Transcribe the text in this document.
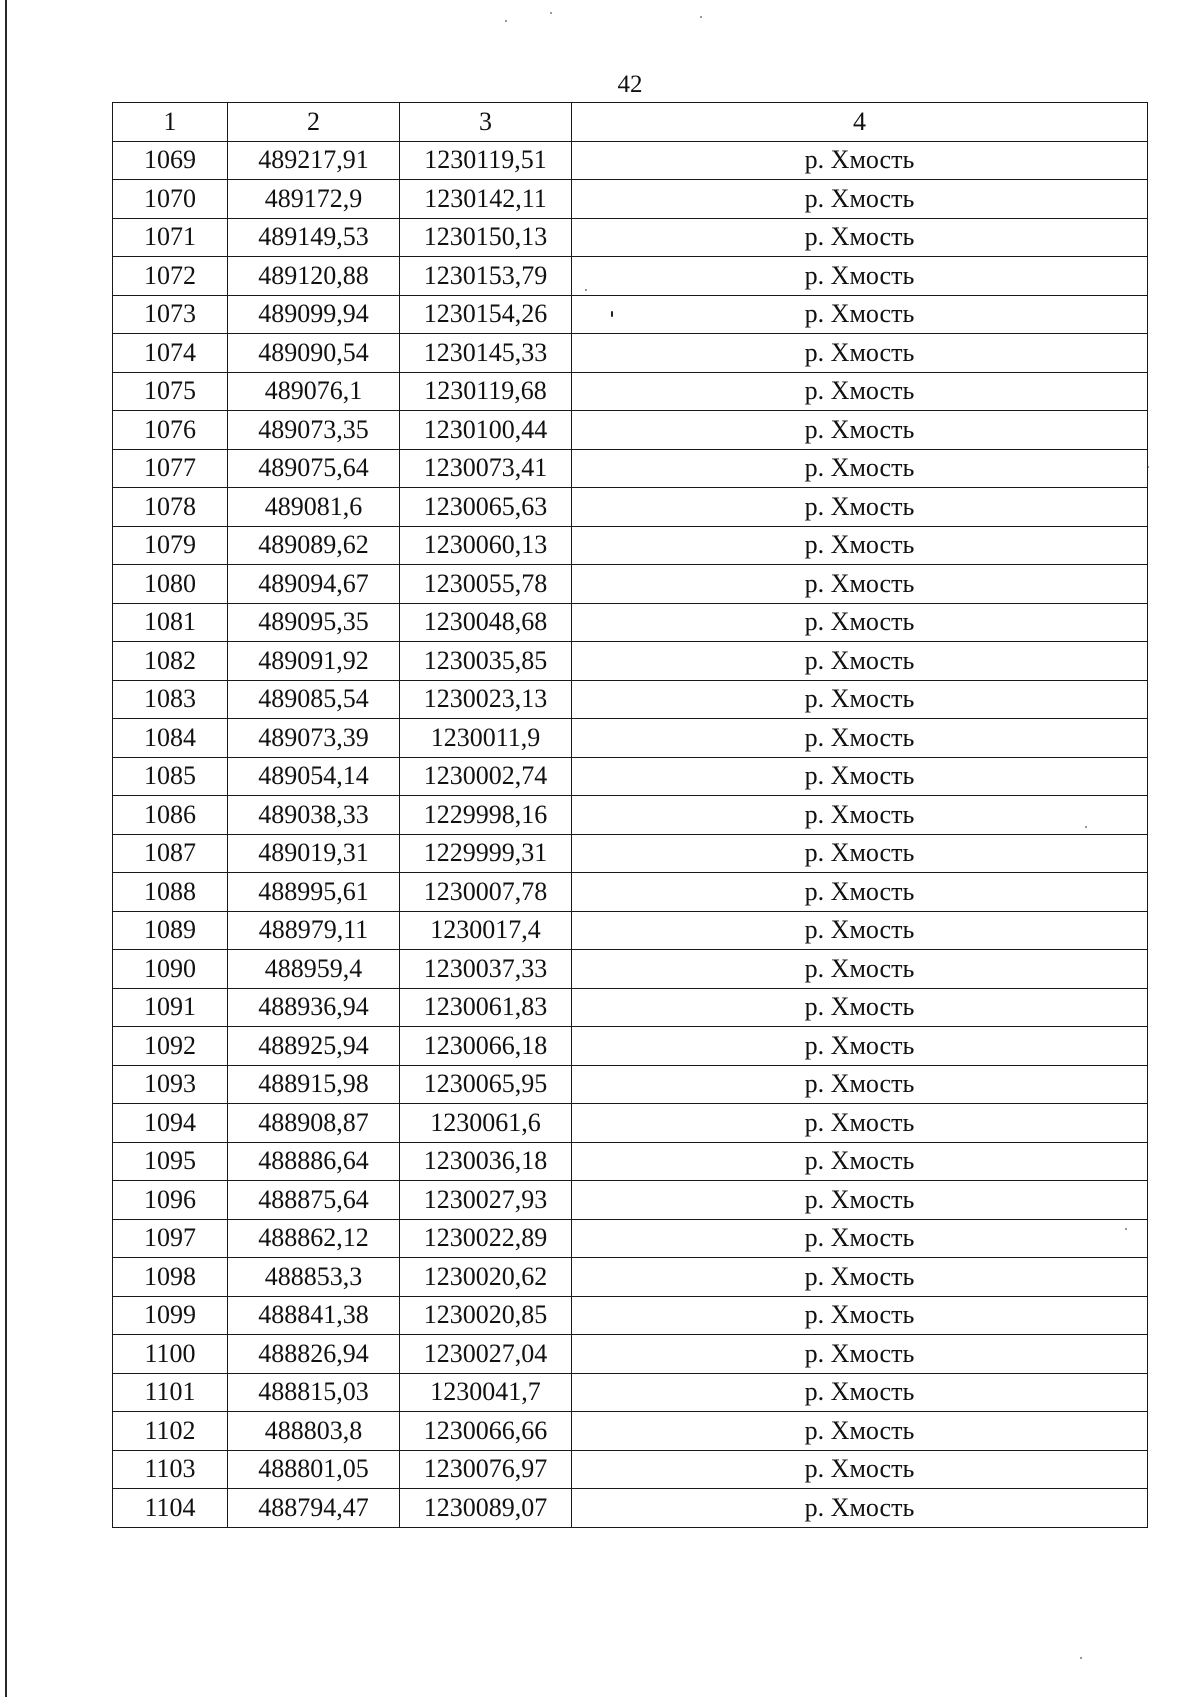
42
1	2	3	4
1069	489217,91	1230119,51	р. Хмость
1070	489172,9	1230142,11	р. Хмость
1071	489149,53	1230150,13	р. Хмость
1072	489120,88	1230153,79	р. Хмость
1073	489099,94	1230154,26	р. Хмость
1074	489090,54	1230145,33	р. Хмость
1075	489076,1	1230119,68	р. Хмость
1076	489073,35	1230100,44	р. Хмость
1077	489075,64	1230073,41	р. Хмость
1078	489081,6	1230065,63	р. Хмость
1079	489089,62	1230060,13	р. Хмость
1080	489094,67	1230055,78	р. Хмость
1081	489095,35	1230048,68	р. Хмость
1082	489091,92	1230035,85	р. Хмость
1083	489085,54	1230023,13	р. Хмость
1084	489073,39	1230011,9	р. Хмость
1085	489054,14	1230002,74	р. Хмость
1086	489038,33	1229998,16	р. Хмость
1087	489019,31	1229999,31	р. Хмость
1088	488995,61	1230007,78	р. Хмость
1089	488979,11	1230017,4	р. Хмость
1090	488959,4	1230037,33	р. Хмость
1091	488936,94	1230061,83	р. Хмость
1092	488925,94	1230066,18	р. Хмость
1093	488915,98	1230065,95	р. Хмость
1094	488908,87	1230061,6	р. Хмость
1095	488886,64	1230036,18	р. Хмость
1096	488875,64	1230027,93	р. Хмость
1097	488862,12	1230022,89	р. Хмость
1098	488853,3	1230020,62	р. Хмость
1099	488841,38	1230020,85	р. Хмость
1100	488826,94	1230027,04	р. Хмость
1101	488815,03	1230041,7	р. Хмость
1102	488803,8	1230066,66	р. Хмость
1103	488801,05	1230076,97	р. Хмость
1104	488794,47	1230089,07	р. Хмость
